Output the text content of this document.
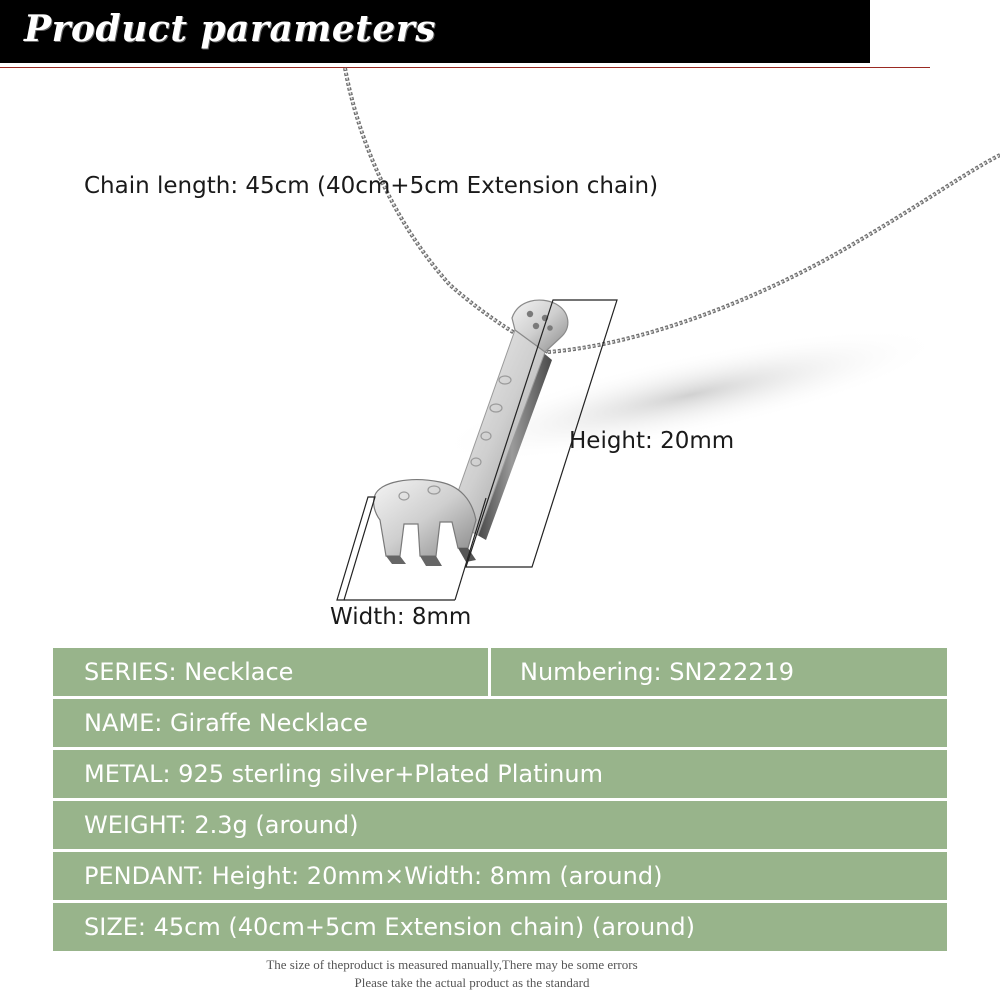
Product parameters
Chain length: 45cm (40cm+5cm Extension chain)
Height: 20mm
Width: 8mm
SERIES: Necklace	Numbering: SN222219
NAME: Giraffe Necklace
METAL: 925 sterling silver+Plated Platinum
WEIGHT: 2.3g (around)
PENDANT: Height: 20mm×Width: 8mm (around)
SIZE: 45cm (40cm+5cm Extension chain) (around)
The size of theproduct is measured manually,There may be some errors
Please take the actual product as the standard
